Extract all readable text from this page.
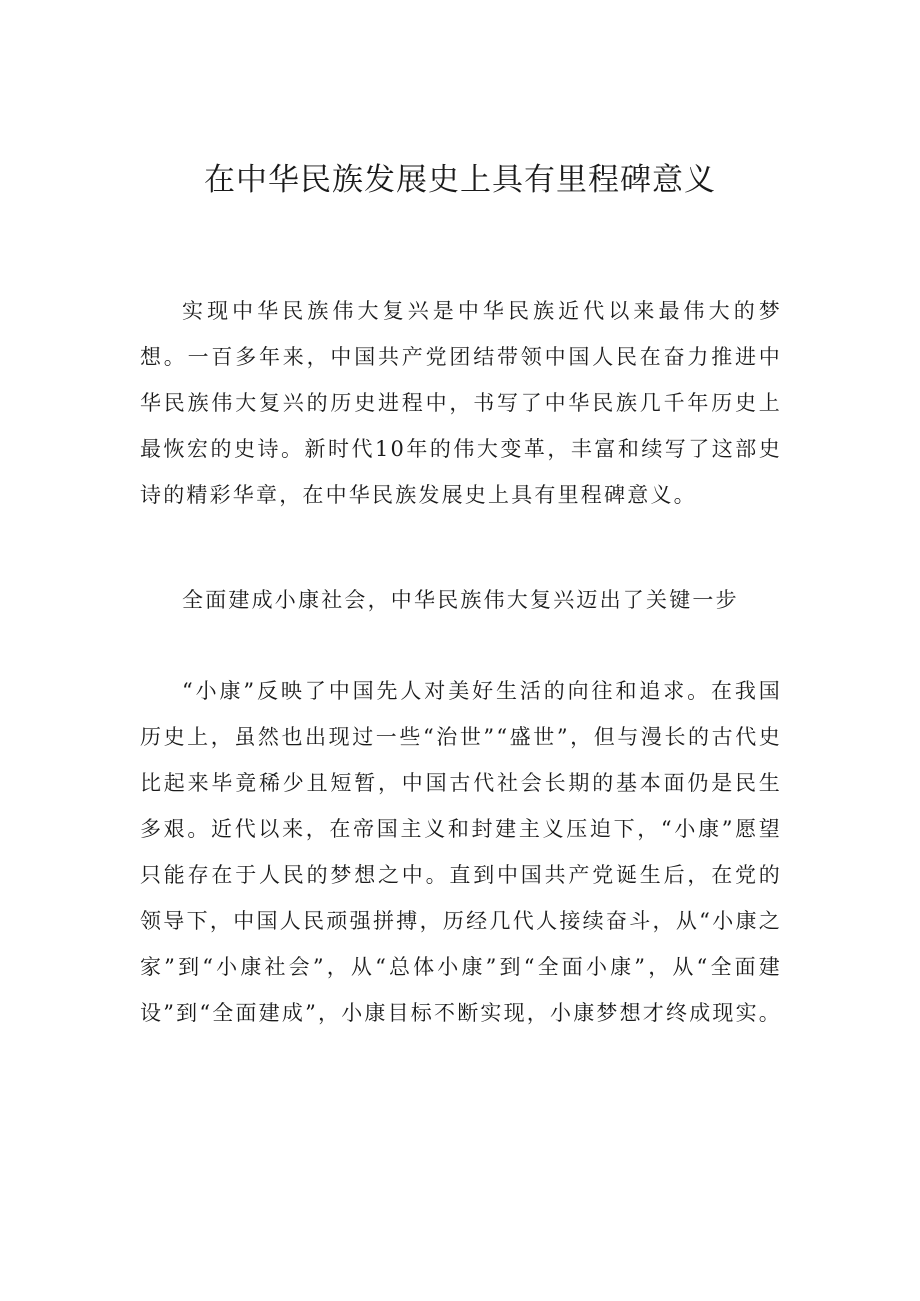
在中华民族发展史上具有里程碑意义

实现中华民族伟大复兴是中华民族近代以来最伟大的梦想。一百多年来，中国共产党团结带领中国人民在奋力推进中华民族伟大复兴的历史进程中，书写了中华民族几千年历史上最恢宏的史诗。新时代10年的伟大变革，丰富和续写了这部史诗的精彩华章，在中华民族发展史上具有里程碑意义。

全面建成小康社会，中华民族伟大复兴迈出了关键一步

“小康”反映了中国先人对美好生活的向往和追求。在我国历史上，虽然也出现过一些“治世”“盛世”，但与漫长的古代史比起来毕竟稀少且短暂，中国古代社会长期的基本面仍是民生多艰。近代以来，在帝国主义和封建主义压迫下，“小康”愿望只能存在于人民的梦想之中。直到中国共产党诞生后，在党的领导下，中国人民顽强拼搏，历经几代人接续奋斗，从“小康之家”到“小康社会”，从“总体小康”到“全面小康”，从“全面建设”到“全面建成”，小康目标不断实现，小康梦想才终成现实。
